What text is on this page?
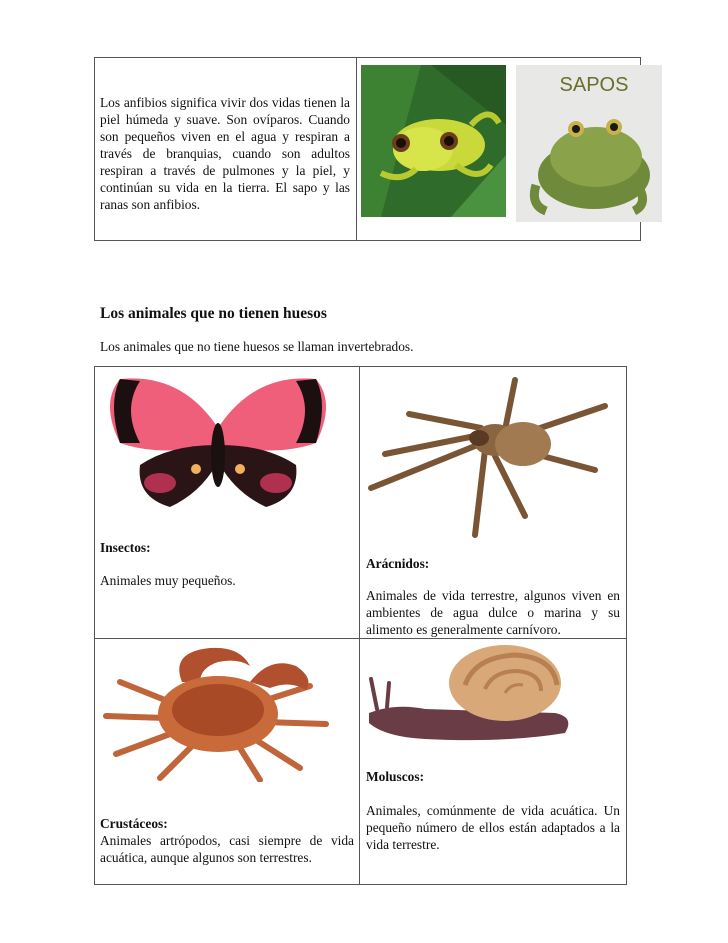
Los anfibios significa vivir dos vidas tienen la piel húmeda y suave. Son ovíparos. Cuando son pequeños viven en el agua y respiran a través de branquias, cuando son adultos respiran a través de pulmones y la piel, y continúan su vida en la tierra. El sapo y las ranas son anfibios.
SAPOS
Los animales que no tienen huesos
Los animales que no tiene huesos se llaman invertebrados.
Insectos:
Animales muy pequeños.
Arácnidos:
Animales de vida terrestre, algunos viven en ambientes de agua dulce o marina y su alimento es generalmente carnívoro.
Crustáceos:
Animales artrópodos, casi siempre de vida acuática, aunque algunos son terrestres.
Moluscos:
Animales, comúnmente de vida acuática. Un pequeño número de ellos están adaptados a la vida terrestre.
